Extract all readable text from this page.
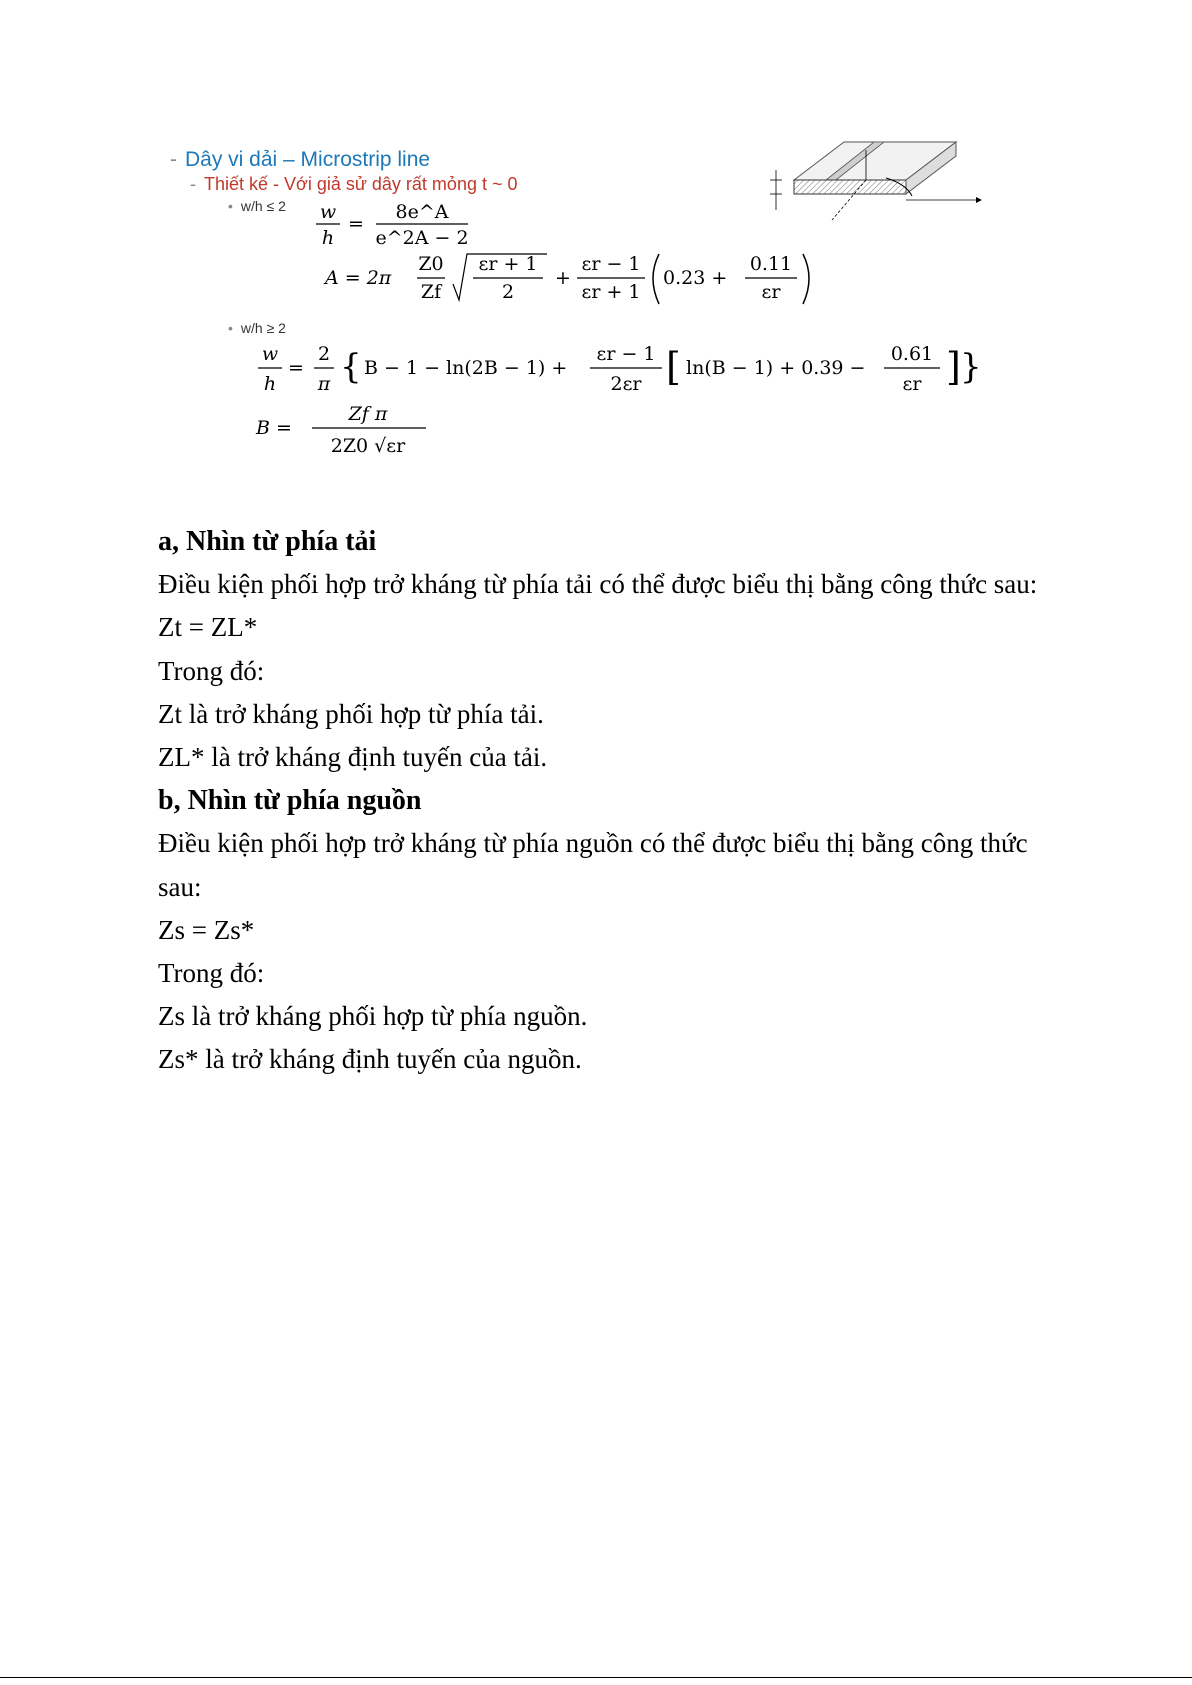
- Dây vi dải – Microstrip line
- Thiết kế - Với giả sử dây rất mỏng t ~ 0
• w/h ≤ 2
• w/h ≥ 2
w
h
=
8e^A
e^2A − 2
A = 2π
Z0
Zf
εr + 1
2
+
εr − 1
εr + 1
0.23 +
0.11
εr
w
h
=
2
π { B − 1 − ln(2B − 1) +
εr − 1
2εr [ ln(B − 1) + 0.39 −
0.61
εr ] }
B =
Zf π
2Z0 √εr

a, Nhìn từ phía tải

Điều kiện phối hợp trở kháng từ phía tải có thể được biểu thị bằng công thức sau:

Zt = ZL*

Trong đó:

Zt là trở kháng phối hợp từ phía tải.

ZL* là trở kháng định tuyến của tải.

b, Nhìn từ phía nguồn

Điều kiện phối hợp trở kháng từ phía nguồn có thể được biểu thị bằng công thức sau:

Zs = Zs*

Trong đó:

Zs là trở kháng phối hợp từ phía nguồn.

Zs* là trở kháng định tuyến của nguồn.
